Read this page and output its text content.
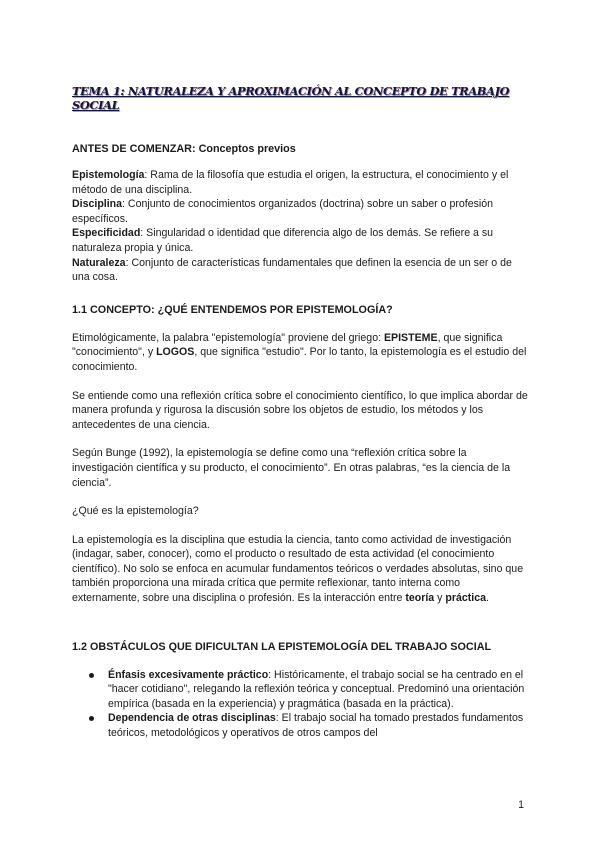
TEMA 1: NATURALEZA Y APROXIMACIÓN AL CONCEPTO DE TRABAJO SOCIAL
ANTES DE COMENZAR: Conceptos previos

Epistemología: Rama de la filosofía que estudia el origen, la estructura, el conocimiento y el método de una disciplina.

Disciplina: Conjunto de conocimientos organizados (doctrina) sobre un saber o profesión específicos.

Especificidad: Singularidad o identidad que diferencia algo de los demás. Se refiere a su naturaleza propia y única.

Naturaleza: Conjunto de características fundamentales que definen la esencia de un ser o de una cosa.

1.1 CONCEPTO: ¿QUÉ ENTENDEMOS POR EPISTEMOLOGÍA?

Etimológicamente, la palabra "epistemología" proviene del griego: EPISTEME, que significa "conocimiento", y LOGOS, que significa "estudio". Por lo tanto, la epistemología es el estudio del conocimiento.

Se entiende como una reflexión crítica sobre el conocimiento científico, lo que implica abordar de manera profunda y rigurosa la discusión sobre los objetos de estudio, los métodos y los antecedentes de una ciencia.

Según Bunge (1992), la epistemología se define como una “reflexión crítica sobre la investigación científica y su producto, el conocimiento”. En otras palabras, “es la ciencia de la ciencia”.

¿Qué es la epistemología?

La epistemología es la disciplina que estudia la ciencia, tanto como actividad de investigación (indagar, saber, conocer), como el producto o resultado de esta actividad (el conocimiento científico). No solo se enfoca en acumular fundamentos teóricos o verdades absolutas, sino que también proporciona una mirada crítica que permite reflexionar, tanto interna como externamente, sobre una disciplina o profesión. Es la interacción entre teoría y práctica.

1.2 OBSTÁCULOS QUE DIFICULTAN LA EPISTEMOLOGÍA DEL TRABAJO SOCIAL
Énfasis excesivamente práctico: Históricamente, el trabajo social se ha centrado en el "hacer cotidiano", relegando la reflexión teórica y conceptual. Predominó una orientación empírica (basada en la experiencia) y pragmática (basada en la práctica).
Dependencia de otras disciplinas: El trabajo social ha tomado prestados fundamentos teóricos, metodológicos y operativos de otros campos del
1
